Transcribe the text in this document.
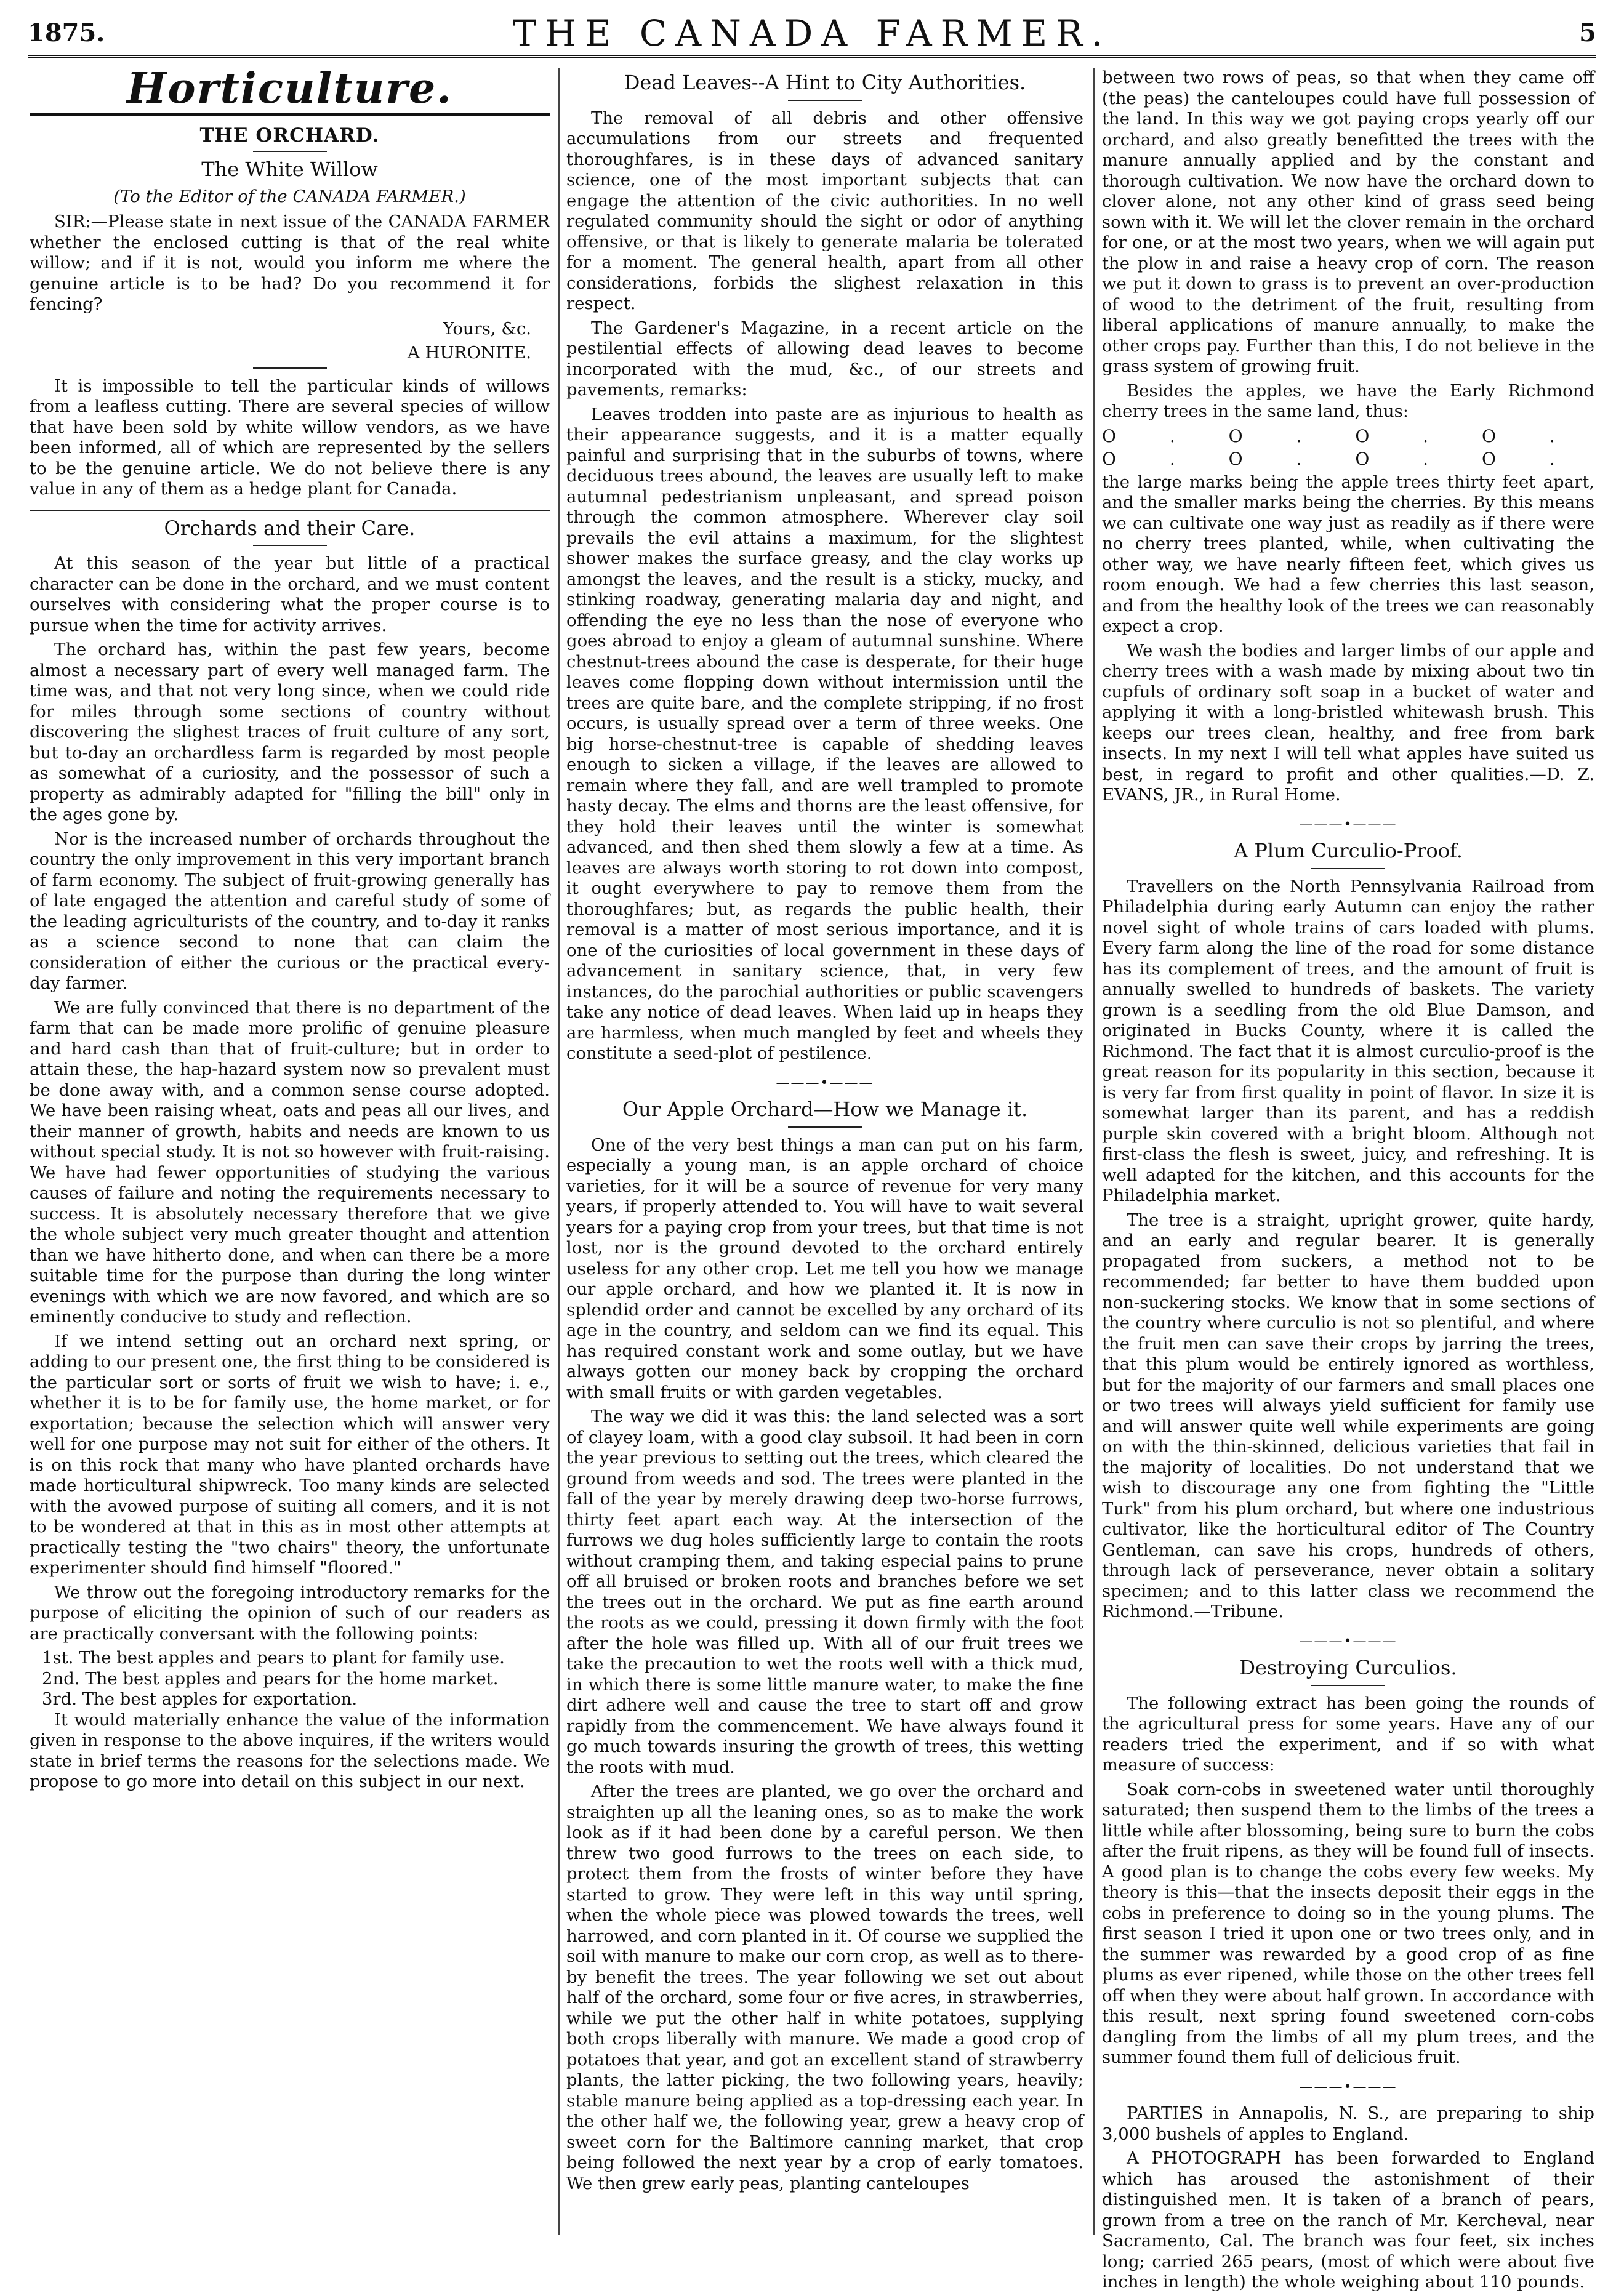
1875.	THE CANADA FARMER.	5
Horticulture.
THE ORCHARD.
The White Willow
(To the Editor of the CANADA FARMER.)

SIR:—Please state in next issue of the CANADA FARMER whether the enclosed cutting is that of the real white willow; and if it is not, would you inform me where the genuine article is to be had? Do you recommend it for fencing?

Yours, &c.

A HURONITE.

It is impossible to tell the particular kinds of willows from a leafless cutting. There are several species of willow that have been sold by white willow vendors, as we have been informed, all of which are represented by the sellers to be the genuine article. We do not believe there is any value in any of them as a hedge plant for Canada.

Orchards and their Care.

At this season of the year but little of a practical character can be done in the orchard, and we must content ourselves with considering what the proper course is to pursue when the time for activity arrives.

The orchard has, within the past few years, become almost a necessary part of every well managed farm. The time was, and that not very long since, when we could ride for miles through some sections of country without discovering the slighest traces of fruit culture of any sort, but to-day an orchardless farm is regarded by most people as somewhat of a curiosity, and the possessor of such a property as admirably adapted for "filling the bill" only in the ages gone by.

Nor is the increased number of orchards throughout the country the only improvement in this very important branch of farm economy. The subject of fruit-growing generally has of late engaged the attention and careful study of some of the leading agriculturists of the country, and to-day it ranks as a science second to none that can claim the consideration of either the curious or the practical every-day farmer.

We are fully convinced that there is no department of the farm that can be made more prolific of genuine pleasure and hard cash than that of fruit-culture; but in order to attain these, the hap-hazard system now so prevalent must be done away with, and a common sense course adopted. We have been raising wheat, oats and peas all our lives, and their manner of growth, habits and needs are known to us without special study. It is not so however with fruit-raising. We have had fewer opportunities of studying the various causes of failure and noting the requirements necessary to success. It is absolutely necessary therefore that we give the whole subject very much greater thought and attention than we have hitherto done, and when can there be a more suitable time for the purpose than during the long winter evenings with which we are now favored, and which are so eminently conducive to study and reflection.

If we intend setting out an orchard next spring, or adding to our present one, the first thing to be considered is the particular sort or sorts of fruit we wish to have; i. e., whether it is to be for family use, the home market, or for exportation; because the selection which will answer very well for one purpose may not suit for either of the others. It is on this rock that many who have planted orchards have made horticultural shipwreck. Too many kinds are selected with the avowed purpose of suiting all comers, and it is not to be wondered at that in this as in most other attempts at practically testing the "two chairs" theory, the unfortunate experimenter should find himself "floored."

We throw out the foregoing introductory remarks for the purpose of eliciting the opinion of such of our readers as are practically conversant with the following points:

1st. The best apples and pears to plant for family use.

2nd. The best apples and pears for the home market.

3rd. The best apples for exportation.

It would materially enhance the value of the information given in response to the above inquires, if the writers would state in brief terms the reasons for the selections made. We propose to go more into detail on this subject in our next.

Dead Leaves--A Hint to City Authorities.

The removal of all debris and other offensive accumulations from our streets and frequented thoroughfares, is in these days of advanced sanitary science, one of the most important subjects that can engage the attention of the civic authorities. In no well regulated community should the sight or odor of anything offensive, or that is likely to generate malaria be tolerated for a moment. The general health, apart from all other considerations, forbids the slighest relaxation in this respect.

The Gardener's Magazine, in a recent article on the pestilential effects of allowing dead leaves to become incorporated with the mud, &c., of our streets and pavements, remarks:

Leaves trodden into paste are as injurious to health as their appearance suggests, and it is a matter equally painful and surprising that in the suburbs of towns, where deciduous trees abound, the leaves are usually left to make autumnal pedestrianism unpleasant, and spread poison through the common atmosphere. Wherever clay soil prevails the evil attains a maximum, for the slightest shower makes the surface greasy, and the clay works up amongst the leaves, and the result is a sticky, mucky, and stinking roadway, generating malaria day and night, and offending the eye no less than the nose of everyone who goes abroad to enjoy a gleam of autumnal sunshine. Where chestnut-trees abound the case is desperate, for their huge leaves come flopping down without intermission until the trees are quite bare, and the complete stripping, if no frost occurs, is usually spread over a term of three weeks. One big horse-chestnut-tree is capable of shedding leaves enough to sicken a village, if the leaves are allowed to remain where they fall, and are well trampled to promote hasty decay. The elms and thorns are the least offensive, for they hold their leaves until the winter is somewhat advanced, and then shed them slowly a few at a time. As leaves are always worth storing to rot down into compost, it ought everywhere to pay to remove them from the thoroughfares; but, as regards the public health, their removal is a matter of most serious importance, and it is one of the curiosities of local government in these days of advancement in sanitary science, that, in very few instances, do the parochial authorities or public scavengers take any notice of dead leaves. When laid up in heaps they are harmless, when much mangled by feet and wheels they constitute a seed-plot of pestilence.

———•———
Our Apple Orchard—How we Manage it.

One of the very best things a man can put on his farm, especially a young man, is an apple orchard of choice varieties, for it will be a source of revenue for very many years, if properly attended to. You will have to wait several years for a paying crop from your trees, but that time is not lost, nor is the ground devoted to the orchard entirely useless for any other crop. Let me tell you how we manage our apple orchard, and how we planted it. It is now in splendid order and cannot be excelled by any orchard of its age in the country, and seldom can we find its equal. This has required constant work and some outlay, but we have always gotten our money back by cropping the orchard with small fruits or with garden vegetables.

The way we did it was this: the land selected was a sort of clayey loam, with a good clay subsoil. It had been in corn the year previous to setting out the trees, which cleared the ground from weeds and sod. The trees were planted in the fall of the year by merely drawing deep two-horse furrows, thirty feet apart each way. At the intersection of the furrows we dug holes sufficiently large to contain the roots without cramping them, and taking especial pains to prune off all bruised or broken roots and branches before we set the trees out in the orchard. We put as fine earth around the roots as we could, pressing it down firmly with the foot after the hole was filled up. With all of our fruit trees we take the precaution to wet the roots well with a thick mud, in which there is some little manure water, to make the fine dirt adhere well and cause the tree to start off and grow rapidly from the commencement. We have always found it go much towards insuring the growth of trees, this wetting the roots with mud.

After the trees are planted, we go over the orchard and straighten up all the leaning ones, so as to make the work look as if it had been done by a careful person. We then threw two good furrows to the trees on each side, to protect them from the frosts of winter before they have started to grow. They were left in this way until spring, when the whole piece was plowed towards the trees, well harrowed, and corn planted in it. Of course we supplied the soil with manure to make our corn crop, as well as to there-by benefit the trees. The year following we set out about half of the orchard, some four or five acres, in strawberries, while we put the other half in white potatoes, supplying both crops liberally with manure. We made a good crop of potatoes that year, and got an excellent stand of strawberry plants, the latter picking, the two following years, heavily; stable manure being applied as a top-dressing each year. In the other half we, the following year, grew a heavy crop of sweet corn for the Baltimore canning market, that crop being followed the next year by a crop of early tomatoes. We then grew early peas, planting canteloupes

between two rows of peas, so that when they came off (the peas) the canteloupes could have full possession of the land. In this way we got paying crops yearly off our orchard, and also greatly benefitted the trees with the manure annually applied and by the constant and thorough cultivation. We now have the orchard down to clover alone, not any other kind of grass seed being sown with it. We will let the clover remain in the orchard for one, or at the most two years, when we will again put the plow in and raise a heavy crop of corn. The reason we put it down to grass is to prevent an over-production of wood to the detriment of the fruit, resulting from liberal applications of manure annually, to make the other crops pay. Further than this, I do not believe in the grass system of growing fruit.

Besides the apples, we have the Early Richmond cherry trees in the same land, thus:

O . O . O . O .

O . O . O . O .

the large marks being the apple trees thirty feet apart, and the smaller marks being the cherries. By this means we can cultivate one way just as readily as if there were no cherry trees planted, while, when cultivating the other way, we have nearly fifteen feet, which gives us room enough. We had a few cherries this last season, and from the healthy look of the trees we can reasonably expect a crop.

We wash the bodies and larger limbs of our apple and cherry trees with a wash made by mixing about two tin cupfuls of ordinary soft soap in a bucket of water and applying it with a long-bristled whitewash brush. This keeps our trees clean, healthy, and free from bark insects. In my next I will tell what apples have suited us best, in regard to profit and other qualities.—D. Z. EVANS, JR., in Rural Home.

———•———
A Plum Curculio-Proof.

Travellers on the North Pennsylvania Railroad from Philadelphia during early Autumn can enjoy the rather novel sight of whole trains of cars loaded with plums. Every farm along the line of the road for some distance has its complement of trees, and the amount of fruit is annually swelled to hundreds of baskets. The variety grown is a seedling from the old Blue Damson, and originated in Bucks County, where it is called the Richmond. The fact that it is almost curculio-proof is the great reason for its popularity in this section, because it is very far from first quality in point of flavor. In size it is somewhat larger than its parent, and has a reddish purple skin covered with a bright bloom. Although not first-class the flesh is sweet, juicy, and refreshing. It is well adapted for the kitchen, and this accounts for the Philadelphia market.

The tree is a straight, upright grower, quite hardy, and an early and regular bearer. It is generally propagated from suckers, a method not to be recommended; far better to have them budded upon non-suckering stocks. We know that in some sections of the country where curculio is not so plentiful, and where the fruit men can save their crops by jarring the trees, that this plum would be entirely ignored as worthless, but for the majority of our farmers and small places one or two trees will always yield sufficient for family use and will answer quite well while experiments are going on with the thin-skinned, delicious varieties that fail in the majority of localities. Do not understand that we wish to discourage any one from fighting the "Little Turk" from his plum orchard, but where one industrious cultivator, like the horticultural editor of The Country Gentleman, can save his crops, hundreds of others, through lack of perseverance, never obtain a solitary specimen; and to this latter class we recommend the Richmond.—Tribune.

———•———
Destroying Curculios.

The following extract has been going the rounds of the agricultural press for some years. Have any of our readers tried the experiment, and if so with what measure of success:

Soak corn-cobs in sweetened water until thoroughly saturated; then suspend them to the limbs of the trees a little while after blossoming, being sure to burn the cobs after the fruit ripens, as they will be found full of insects. A good plan is to change the cobs every few weeks. My theory is this—that the insects deposit their eggs in the cobs in preference to doing so in the young plums. The first season I tried it upon one or two trees only, and in the summer was rewarded by a good crop of as fine plums as ever ripened, while those on the other trees fell off when they were about half grown. In accordance with this result, next spring found sweetened corn-cobs dangling from the limbs of all my plum trees, and the summer found them full of delicious fruit.

———•———

PARTIES in Annapolis, N. S., are preparing to ship 3,000 bushels of apples to England.

A PHOTOGRAPH has been forwarded to England which has aroused the astonishment of their distinguished men. It is taken of a branch of pears, grown from a tree on the ranch of Mr. Kercheval, near Sacramento, Cal. The branch was four feet, six inches long; carried 265 pears, (most of which were about five inches in length) the whole weighing about 110 pounds.
